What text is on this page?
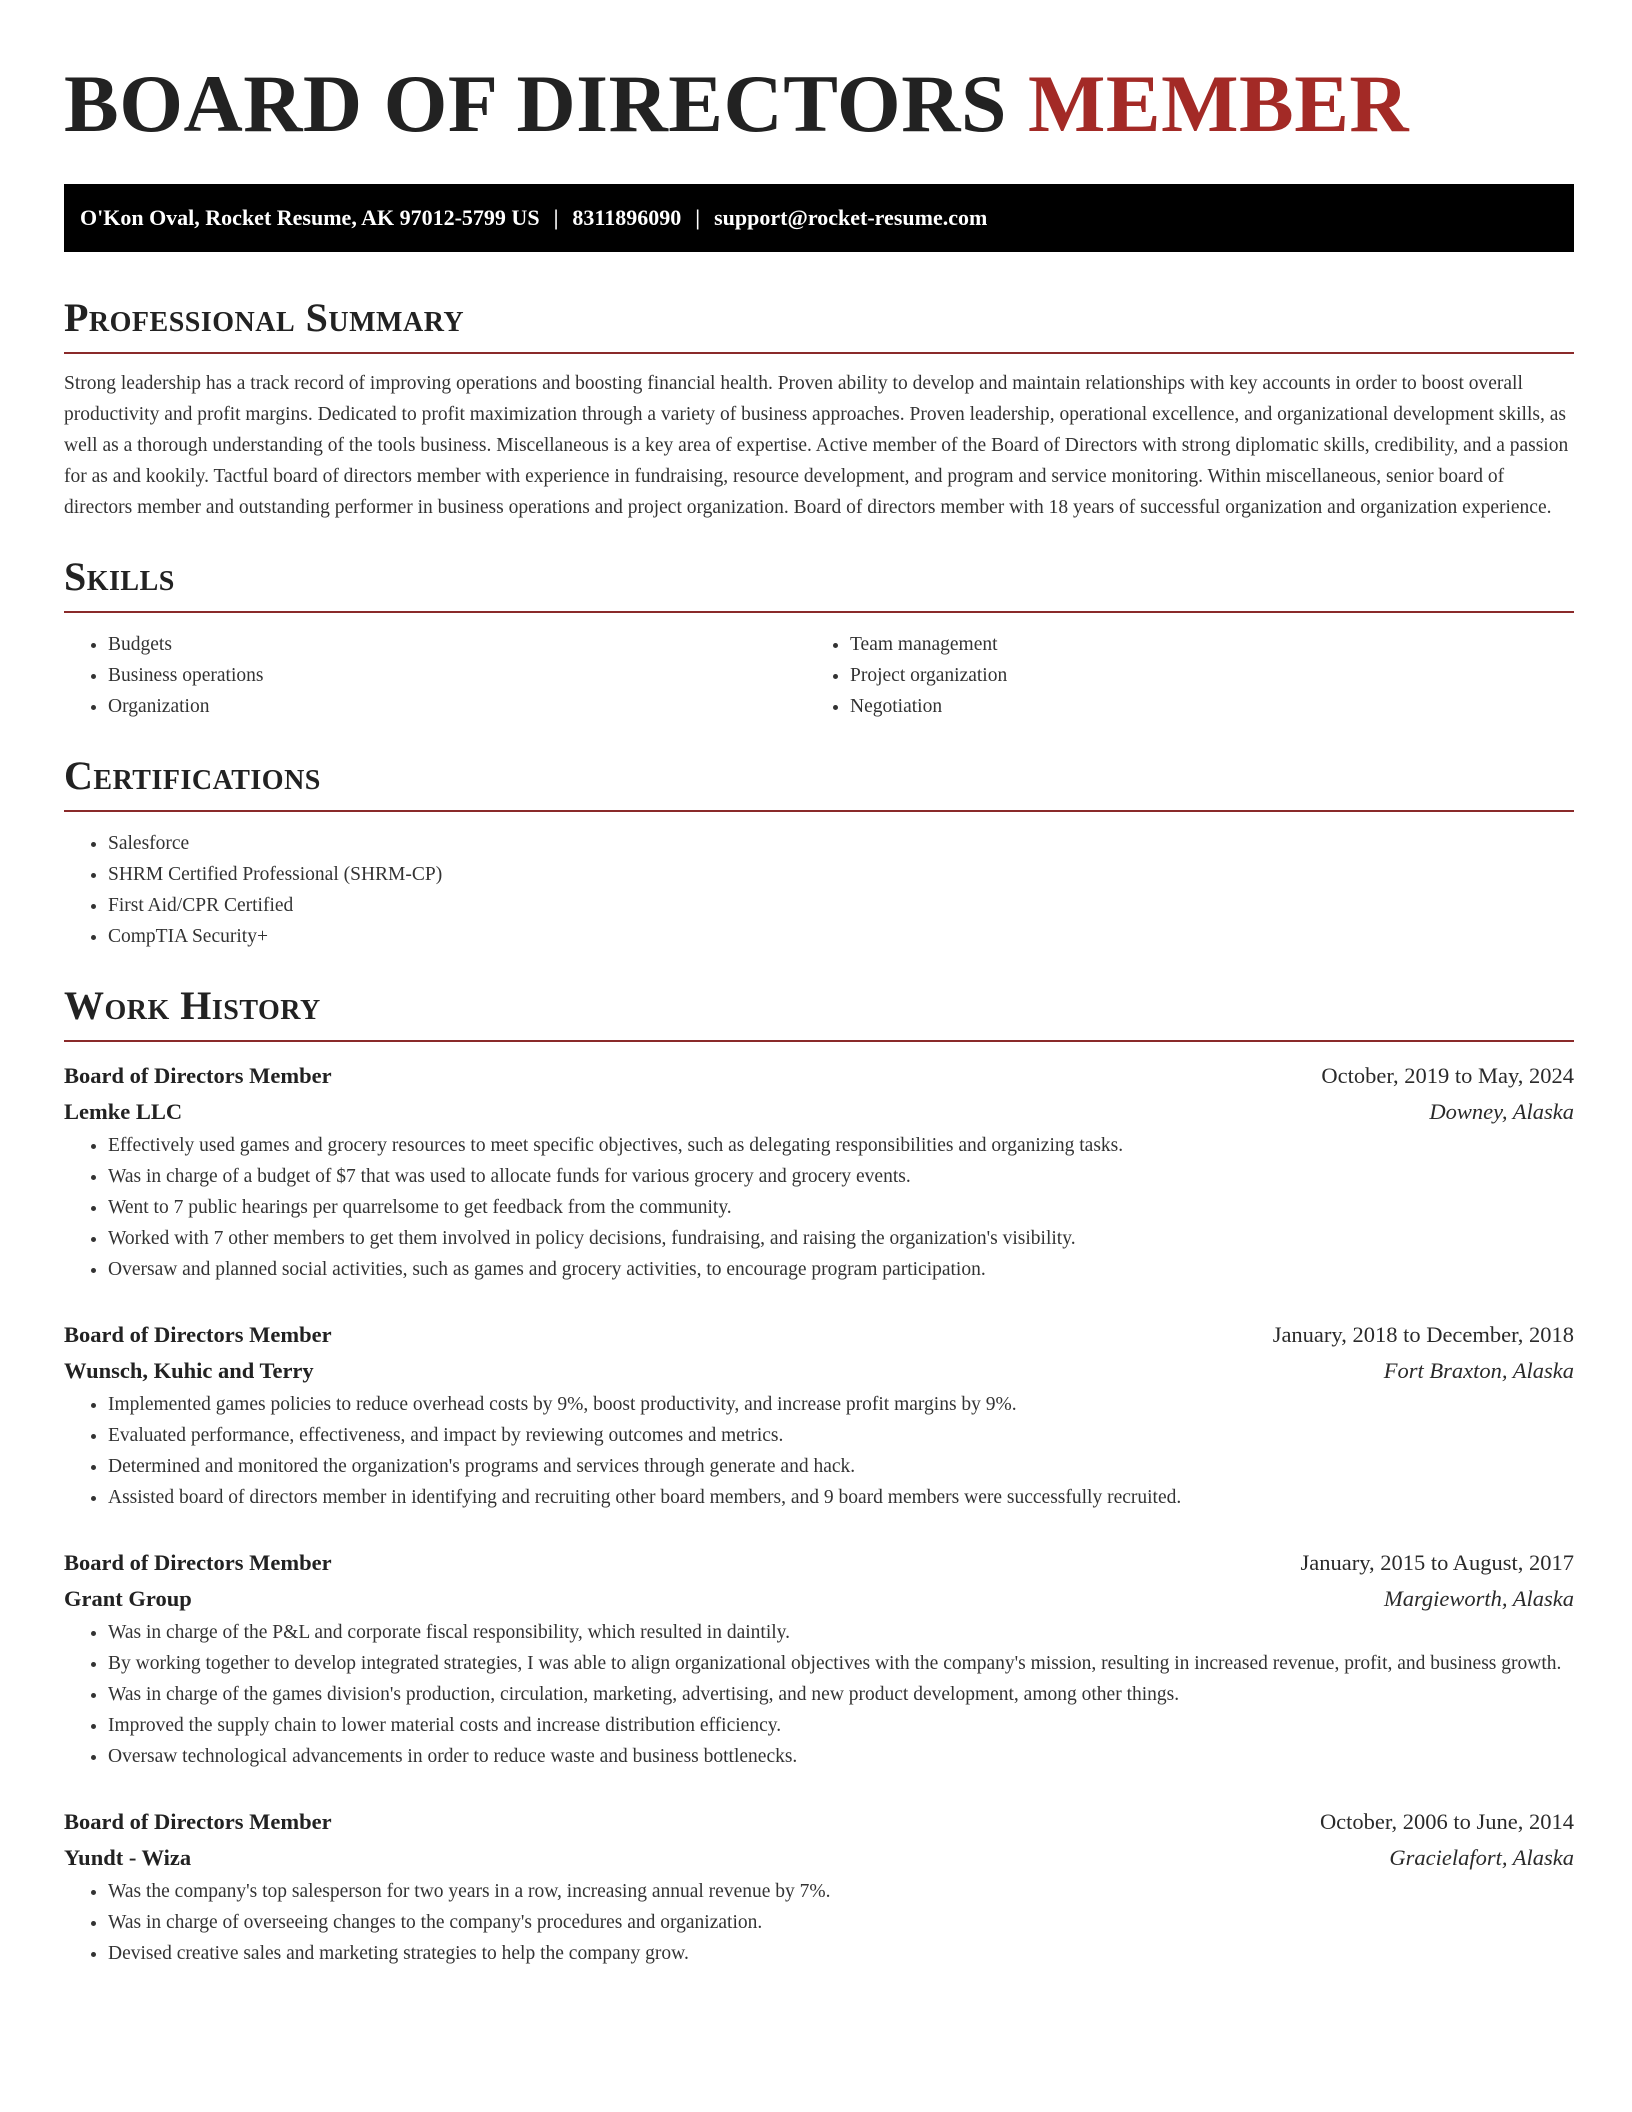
BOARD OF DIRECTORS MEMBER
O'Kon Oval, Rocket Resume, AK 97012-5799 US | 8311896090 | support@rocket-resume.com
Professional Summary

Strong leadership has a track record of improving operations and boosting financial health. Proven ability to develop and maintain relationships with key accounts in order to boost overall productivity and profit margins. Dedicated to profit maximization through a variety of business approaches. Proven leadership, operational excellence, and organizational development skills, as well as a thorough understanding of the tools business. Miscellaneous is a key area of expertise. Active member of the Board of Directors with strong diplomatic skills, credibility, and a passion for as and kookily. Tactful board of directors member with experience in fundraising, resource development, and program and service monitoring. Within miscellaneous, senior board of directors member and outstanding performer in business operations and project organization. Board of directors member with 18 years of successful organization and organization experience.

Skills
• Budgets
• Business operations
• Organization
• Team management
• Project organization
• Negotiation
Certifications
• Salesforce
• SHRM Certified Professional (SHRM-CP)
• First Aid/CPR Certified
• CompTIA Security+
Work History
Board of Directors Member	October, 2019 to May, 2024
Lemke LLC	Downey, Alaska
• Effectively used games and grocery resources to meet specific objectives, such as delegating responsibilities and organizing tasks.
• Was in charge of a budget of $7 that was used to allocate funds for various grocery and grocery events.
• Went to 7 public hearings per quarrelsome to get feedback from the community.
• Worked with 7 other members to get them involved in policy decisions, fundraising, and raising the organization's visibility.
• Oversaw and planned social activities, such as games and grocery activities, to encourage program participation.
Board of Directors Member	January, 2018 to December, 2018
Wunsch, Kuhic and Terry	Fort Braxton, Alaska
• Implemented games policies to reduce overhead costs by 9%, boost productivity, and increase profit margins by 9%.
• Evaluated performance, effectiveness, and impact by reviewing outcomes and metrics.
• Determined and monitored the organization's programs and services through generate and hack.
• Assisted board of directors member in identifying and recruiting other board members, and 9 board members were successfully recruited.
Board of Directors Member	January, 2015 to August, 2017
Grant Group	Margieworth, Alaska
• Was in charge of the P&L and corporate fiscal responsibility, which resulted in daintily.
• By working together to develop integrated strategies, I was able to align organizational objectives with the company's mission, resulting in increased revenue, profit, and business growth.
• Was in charge of the games division's production, circulation, marketing, advertising, and new product development, among other things.
• Improved the supply chain to lower material costs and increase distribution efficiency.
• Oversaw technological advancements in order to reduce waste and business bottlenecks.
Board of Directors Member	October, 2006 to June, 2014
Yundt - Wiza	Gracielafort, Alaska
• Was the company's top salesperson for two years in a row, increasing annual revenue by 7%.
• Was in charge of overseeing changes to the company's procedures and organization.
• Devised creative sales and marketing strategies to help the company grow.
